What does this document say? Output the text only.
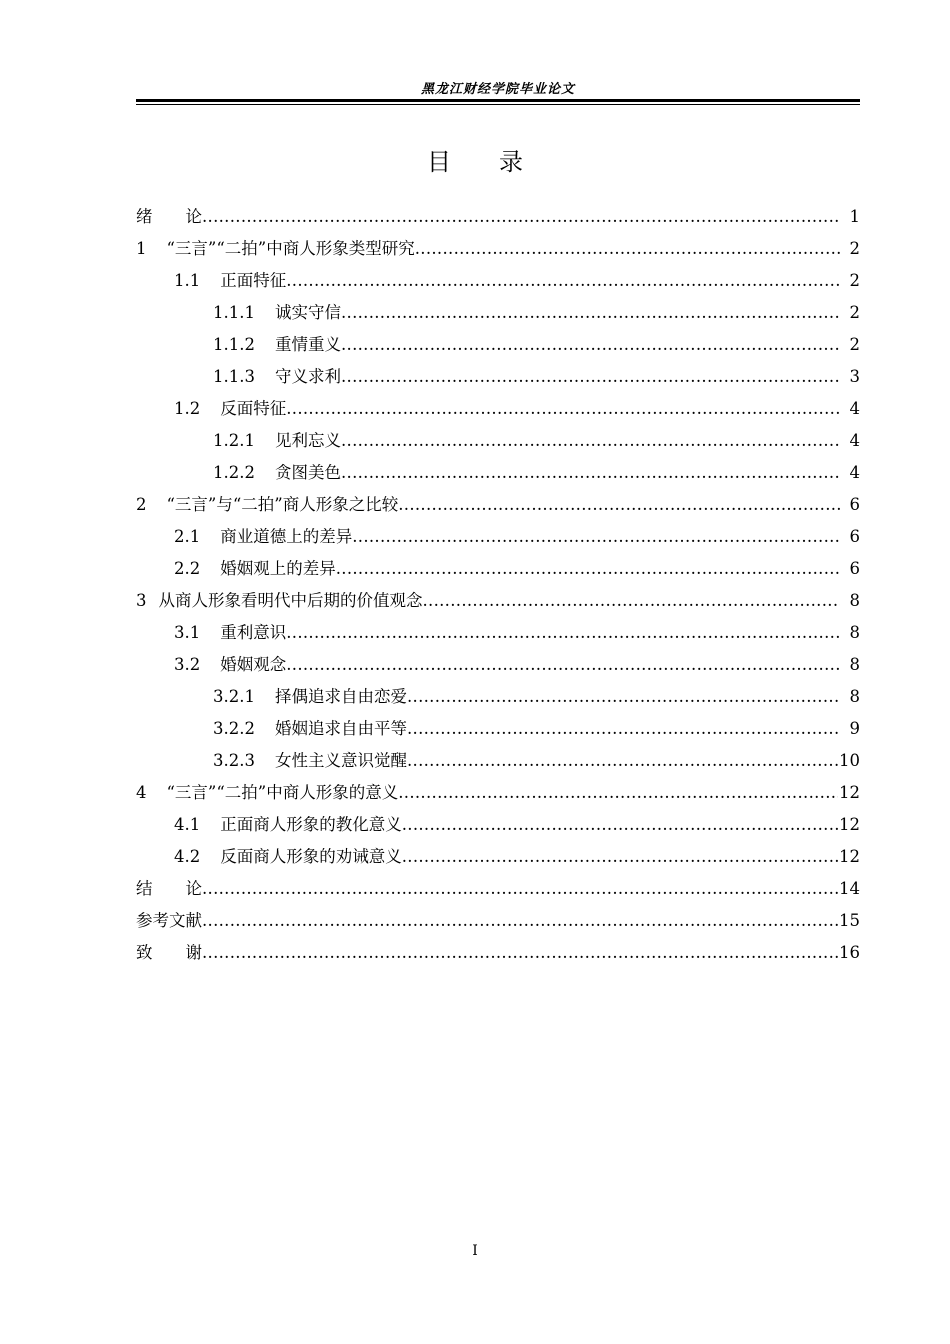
黑龙江财经学院毕业论文
目 录
绪　　论 .....	1
1 “三言”“二拍”中商人形象类型研究 .....	2
1.1 正面特征 .....	2
1.1.1 诚实守信 .....	2
1.1.2 重情重义 .....	2
1.1.3 守义求利 .....	3
1.2 反面特征 .....	4
1.2.1 见利忘义 .....	4
1.2.2 贪图美色 .....	4
2 “三言”与“二拍”商人形象之比较 .....	6
2.1 商业道德上的差异 .....	6
2.2 婚姻观上的差异 .....	6
3 从商人形象看明代中后期的价值观念 .....	8
3.1 重利意识 .....	8
3.2 婚姻观念 .....	8
3.2.1 择偶追求自由恋爱 .....	8
3.2.2 婚姻追求自由平等 .....	9
3.2.3 女性主义意识觉醒 .....	10
4 “三言”“二拍”中商人形象的意义 .....	12
4.1 正面商人形象的教化意义 .....	12
4.2 反面商人形象的劝诫意义 .....	12
结　　论 .....	14
参考文献 .....	15
致　　谢 .....	16
I
